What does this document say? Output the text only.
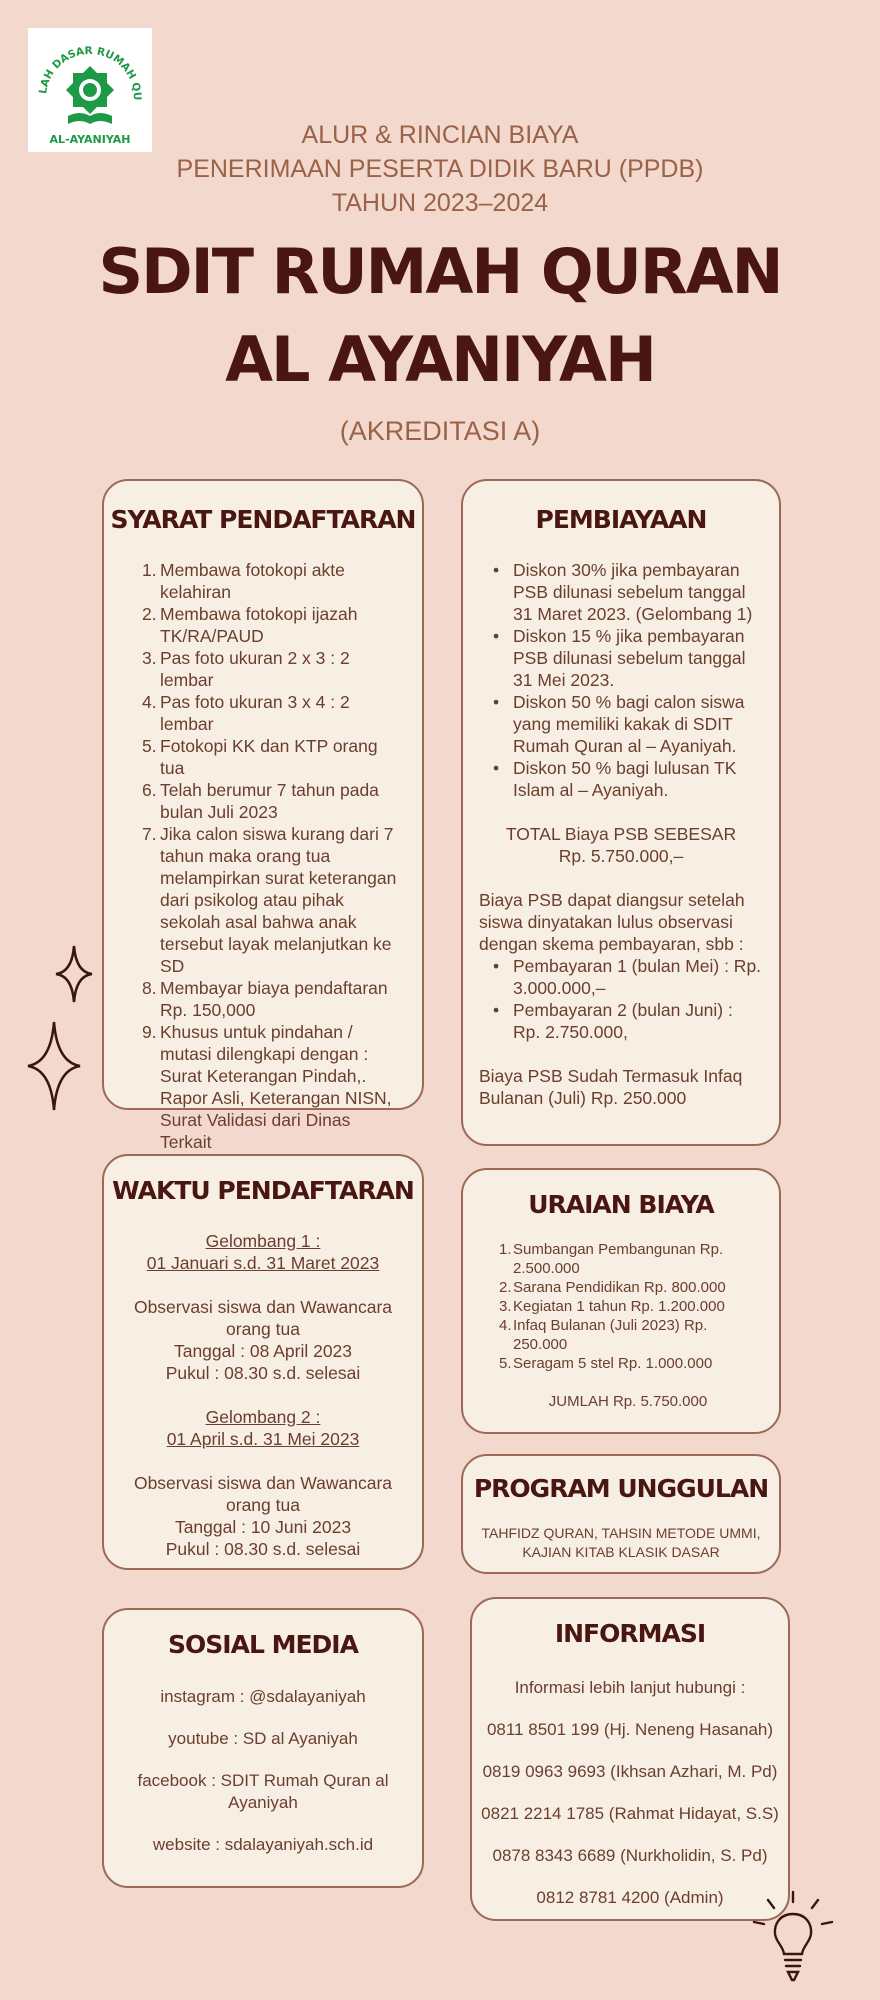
LAH DASAR RUMAH QU
AL-AYANIYAH	ALUR & RINCIAN BIAYA
PENERIMAAN PESERTA DIDIK BARU (PPDB)
TAHUN 2023–2024
SDIT RUMAH QURAN
AL AYANIYAH
(AKREDITASI A)
SYARAT PENDAFTARAN
1. Membawa fotokopi akte kelahiran
2. Membawa fotokopi ijazah TK/RA/PAUD
3. Pas foto ukuran 2 x 3 : 2 lembar
4. Pas foto ukuran 3 x 4 : 2 lembar
5. Fotokopi KK dan KTP orang tua
6. Telah berumur 7 tahun pada bulan Juli 2023
7. Jika calon siswa kurang dari 7 tahun maka orang tua melampirkan surat keterangan dari psikolog atau pihak sekolah asal bahwa anak tersebut layak melanjutkan ke SD
8. Membayar biaya pendaftaran Rp. 150,000
9. Khusus untuk pindahan / mutasi dilengkapi dengan : Surat Keterangan Pindah,. Rapor Asli, Keterangan NISN, Surat Validasi dari Dinas Terkait
PEMBIAYAAN
• Diskon 30% jika pembayaran PSB dilunasi sebelum tanggal 31 Maret 2023. (Gelombang 1)
• Diskon 15 % jika pembayaran PSB dilunasi sebelum tanggal 31 Mei 2023.
• Diskon 50 % bagi calon siswa yang memiliki kakak di SDIT Rumah Quran al – Ayaniyah.
• Diskon 50 % bagi lulusan TK Islam al – Ayaniyah.
TOTAL Biaya PSB SEBESAR
Rp. 5.750.000,–
Biaya PSB dapat diangsur setelah siswa dinyatakan lulus observasi dengan skema pembayaran, sbb :
• Pembayaran 1 (bulan Mei) : Rp. 3.000.000,–
• Pembayaran 2 (bulan Juni) : Rp. 2.750.000,
Biaya PSB Sudah Termasuk Infaq Bulanan (Juli) Rp. 250.000
WAKTU PENDAFTARAN
Gelombang 1 :
01 Januari s.d. 31 Maret 2023
Observasi siswa dan Wawancara orang tua
Tanggal : 08 April 2023
Pukul : 08.30 s.d. selesai
Gelombang 2 :
01 April s.d. 31 Mei 2023
Observasi siswa dan Wawancara orang tua
Tanggal : 10 Juni 2023
Pukul : 08.30 s.d. selesai
URAIAN BIAYA
1. Sumbangan Pembangunan Rp. 2.500.000
2. Sarana Pendidikan Rp. 800.000
3. Kegiatan 1 tahun Rp. 1.200.000
4. Infaq Bulanan (Juli 2023) Rp. 250.000
5. Seragam 5 stel Rp. 1.000.000
JUMLAH Rp. 5.750.000
PROGRAM UNGGULAN
TAHFIDZ QURAN, TAHSIN METODE UMMI,
KAJIAN KITAB KLASIK DASAR
SOSIAL MEDIA
instagram : @sdalayaniyah
youtube : SD al Ayaniyah
facebook : SDIT Rumah Quran al Ayaniyah
website : sdalayaniyah.sch.id
INFORMASI
Informasi lebih lanjut hubungi :
0811 8501 199 (Hj. Neneng Hasanah)
0819 0963 9693 (Ikhsan Azhari, M. Pd)
0821 2214 1785 (Rahmat Hidayat, S.S)
0878 8343 6689 (Nurkholidin, S. Pd)
0812 8781 4200 (Admin)
